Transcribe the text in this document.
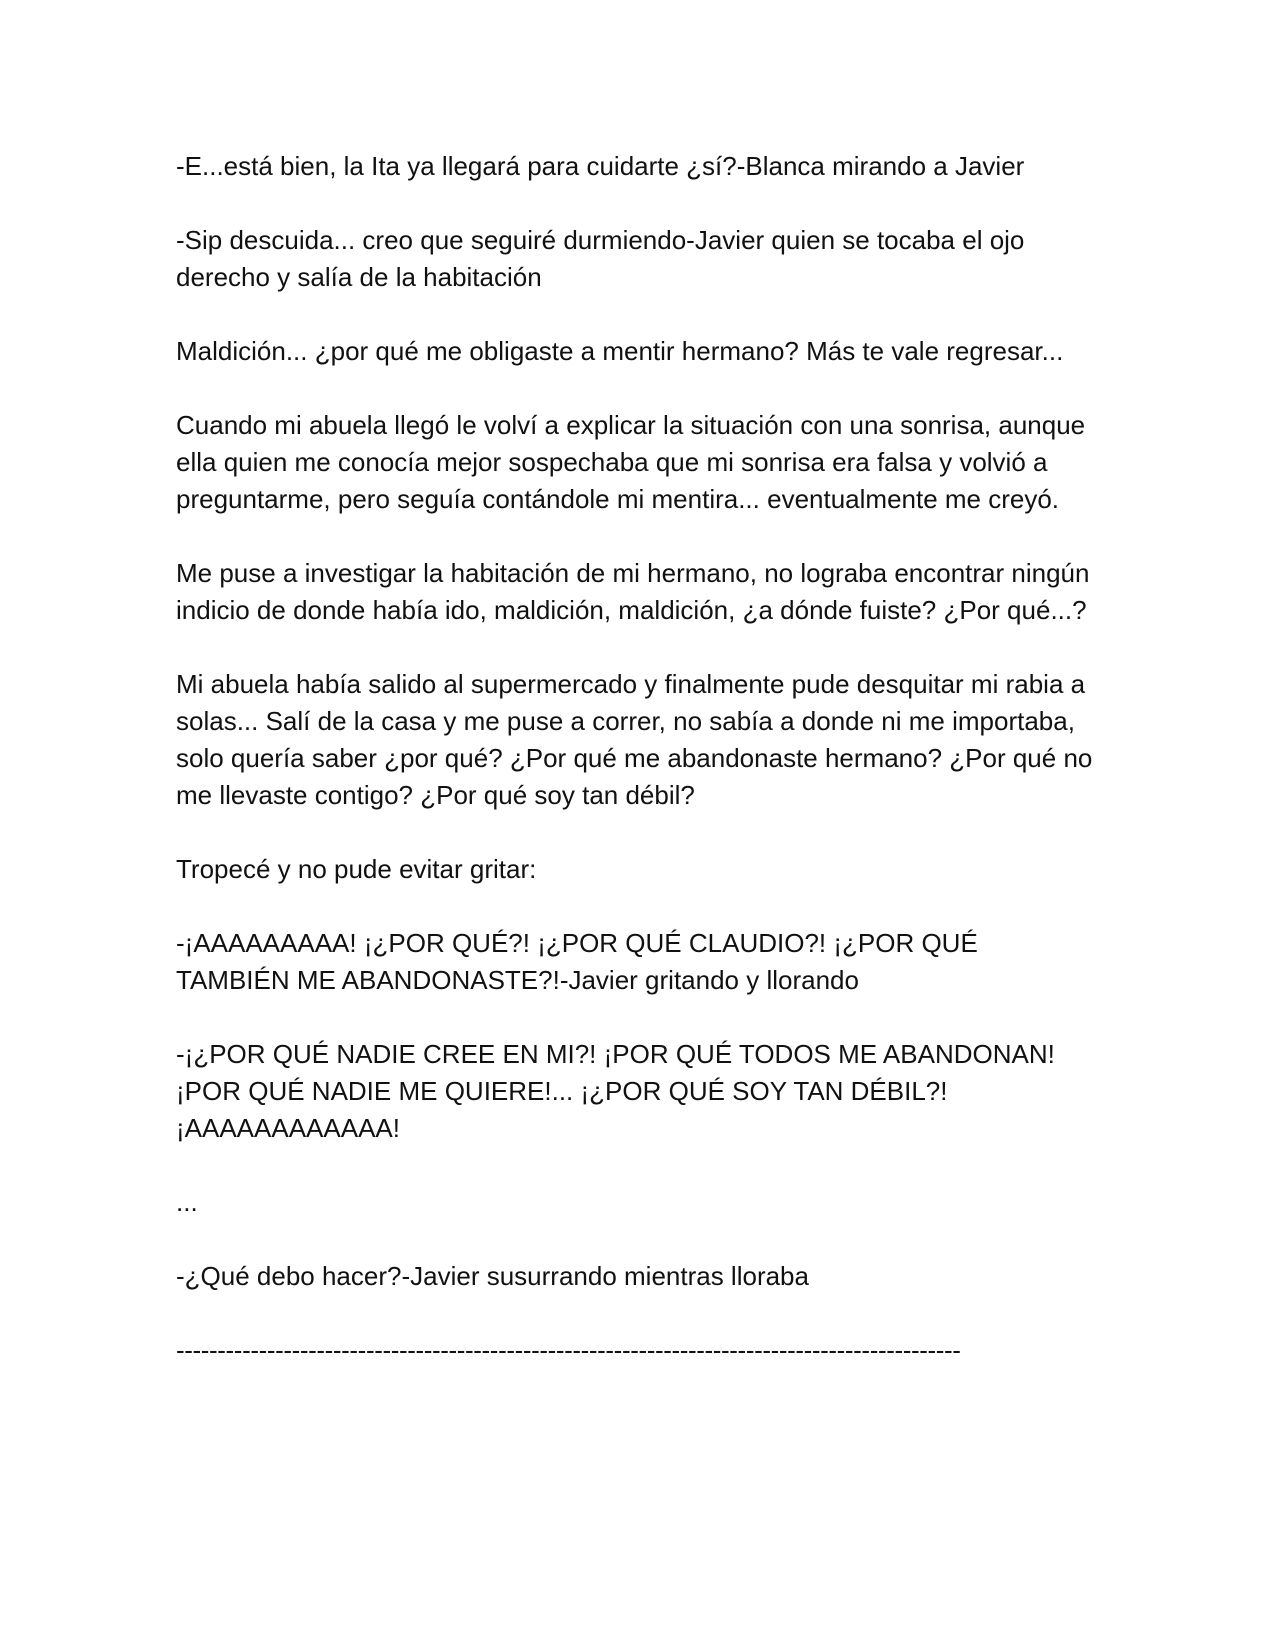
-E...está bien, la Ita ya llegará para cuidarte ¿sí?-Blanca mirando a Javier

-Sip descuida... creo que seguiré durmiendo-Javier quien se tocaba el ojo derecho y salía de la habitación

Maldición... ¿por qué me obligaste a mentir hermano? Más te vale regresar...

Cuando mi abuela llegó le volví a explicar la situación con una sonrisa, aunque ella quien me conocía mejor sospechaba que mi sonrisa era falsa y volvió a preguntarme, pero seguía contándole mi mentira... eventualmente me creyó.

Me puse a investigar la habitación de mi hermano, no lograba encontrar ningún indicio de donde había ido, maldición, maldición, ¿a dónde fuiste? ¿Por qué...?

Mi abuela había salido al supermercado y finalmente pude desquitar mi rabia a solas... Salí de la casa y me puse a correr, no sabía a donde ni me importaba, solo quería saber ¿por qué? ¿Por qué me abandonaste hermano? ¿Por qué no me llevaste contigo? ¿Por qué soy tan débil?

Tropecé y no pude evitar gritar:

-¡AAAAAAAAA! ¡¿POR QUÉ?! ¡¿POR QUÉ CLAUDIO?! ¡¿POR QUÉ TAMBIÉN ME ABANDONASTE?!-Javier gritando y llorando

-¡¿POR QUÉ NADIE CREE EN MI?! ¡POR QUÉ TODOS ME ABANDONAN! ¡POR QUÉ NADIE ME QUIERE!... ¡¿POR QUÉ SOY TAN DÉBIL?! ¡AAAAAAAAAAAA!

...

-¿Qué debo hacer?-Javier susurrando mientras lloraba

-----------------------------------------------------------------------------------------------
